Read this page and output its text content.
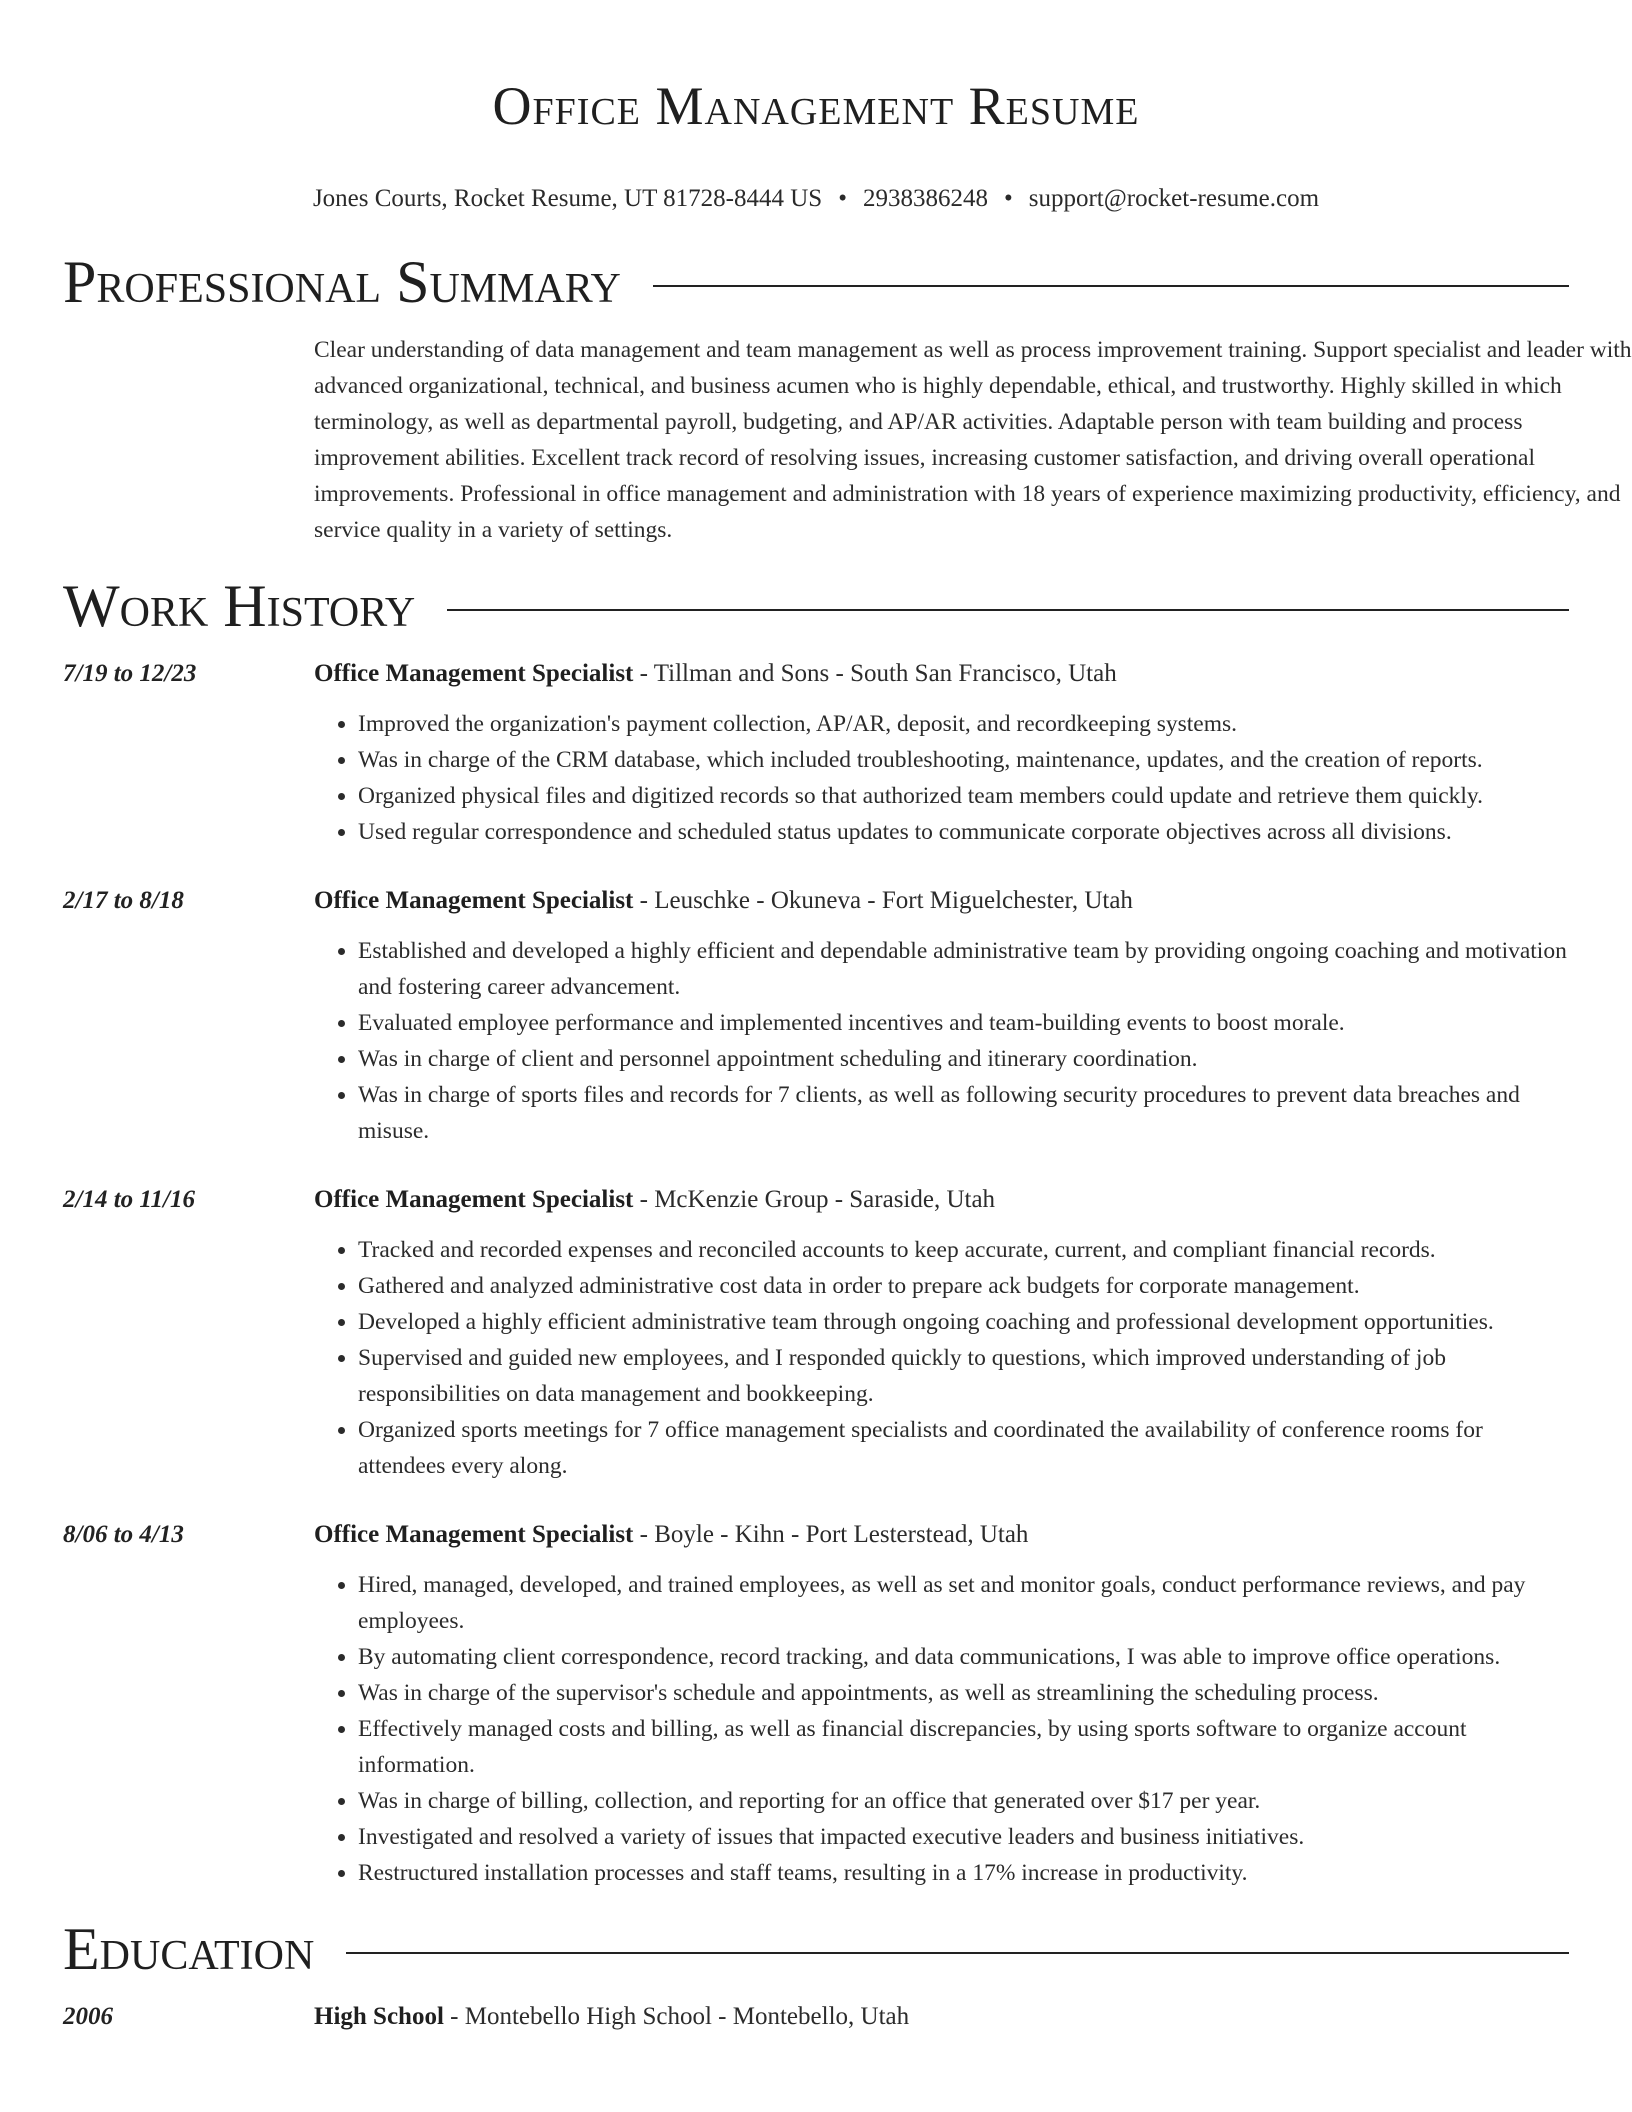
Office Management Resume
Jones Courts, Rocket Resume, UT 81728-8444 US • 2938386248 • support@rocket-resume.com
Professional Summary
Clear understanding of data management and team management as well as process improvement training. Support specialist and leader with advanced organizational, technical, and business acumen who is highly dependable, ethical, and trustworthy. Highly skilled in which terminology, as well as departmental payroll, budgeting, and AP/AR activities. Adaptable person with team building and process improvement abilities. Excellent track record of resolving issues, increasing customer satisfaction, and driving overall operational improvements. Professional in office management and administration with 18 years of experience maximizing productivity, efficiency, and service quality in a variety of settings.
Work History
7/19 to 12/23	Office Management Specialist - Tillman and Sons - South San Francisco, Utah
• Improved the organization's payment collection, AP/AR, deposit, and recordkeeping systems.
• Was in charge of the CRM database, which included troubleshooting, maintenance, updates, and the creation of reports.
• Organized physical files and digitized records so that authorized team members could update and retrieve them quickly.
• Used regular correspondence and scheduled status updates to communicate corporate objectives across all divisions.
2/17 to 8/18	Office Management Specialist - Leuschke - Okuneva - Fort Miguelchester, Utah
• Established and developed a highly efficient and dependable administrative team by providing ongoing coaching and motivation and fostering career advancement.
• Evaluated employee performance and implemented incentives and team-building events to boost morale.
• Was in charge of client and personnel appointment scheduling and itinerary coordination.
• Was in charge of sports files and records for 7 clients, as well as following security procedures to prevent data breaches and misuse.
2/14 to 11/16	Office Management Specialist - McKenzie Group - Saraside, Utah
• Tracked and recorded expenses and reconciled accounts to keep accurate, current, and compliant financial records.
• Gathered and analyzed administrative cost data in order to prepare ack budgets for corporate management.
• Developed a highly efficient administrative team through ongoing coaching and professional development opportunities.
• Supervised and guided new employees, and I responded quickly to questions, which improved understanding of job responsibilities on data management and bookkeeping.
• Organized sports meetings for 7 office management specialists and coordinated the availability of conference rooms for attendees every along.
8/06 to 4/13	Office Management Specialist - Boyle - Kihn - Port Lesterstead, Utah
• Hired, managed, developed, and trained employees, as well as set and monitor goals, conduct performance reviews, and pay employees.
• By automating client correspondence, record tracking, and data communications, I was able to improve office operations.
• Was in charge of the supervisor's schedule and appointments, as well as streamlining the scheduling process.
• Effectively managed costs and billing, as well as financial discrepancies, by using sports software to organize account information.
• Was in charge of billing, collection, and reporting for an office that generated over $17 per year.
• Investigated and resolved a variety of issues that impacted executive leaders and business initiatives.
• Restructured installation processes and staff teams, resulting in a 17% increase in productivity.
Education
2006	High School - Montebello High School - Montebello, Utah
